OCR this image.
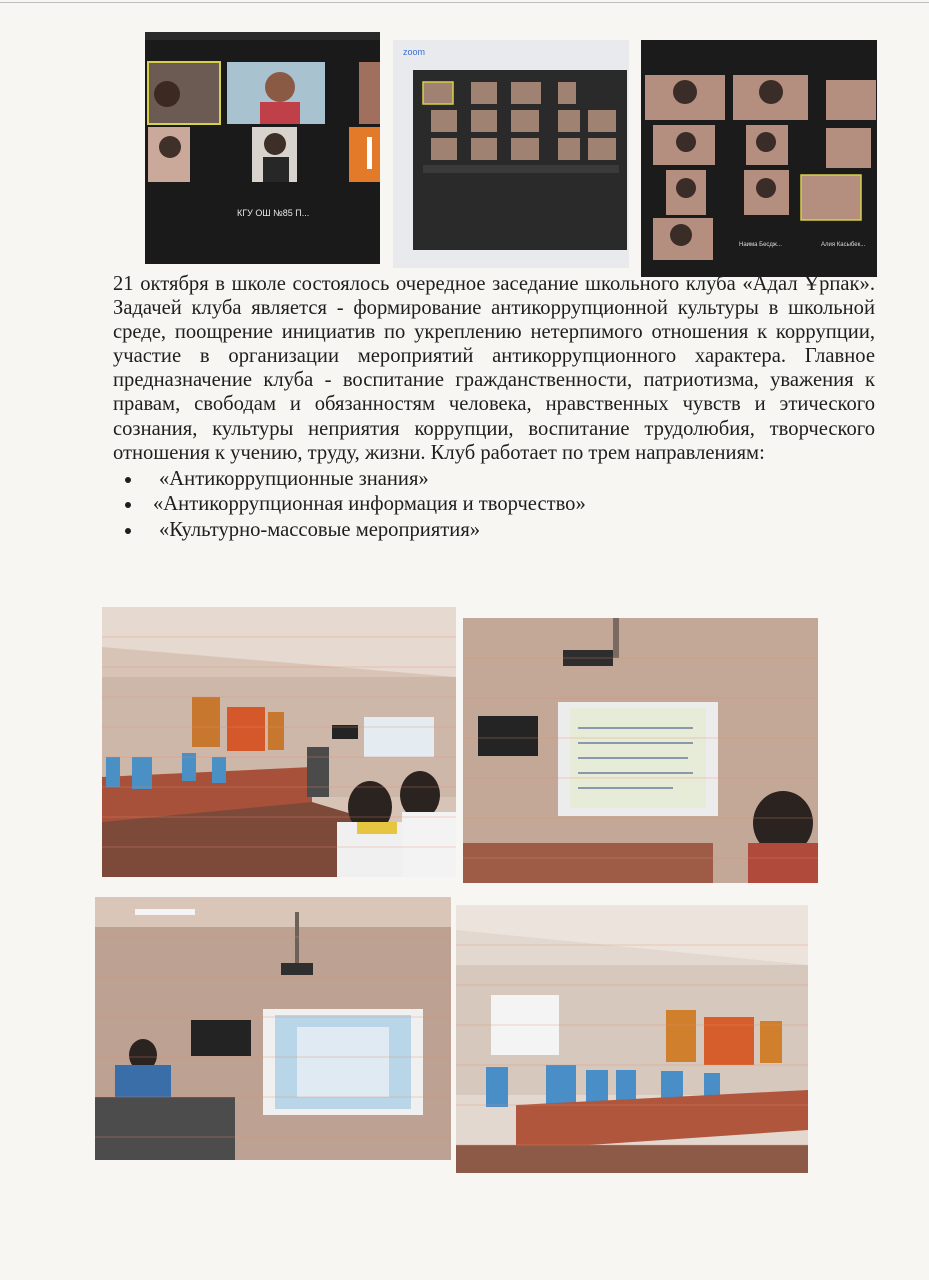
КГУ ОШ №85 П...
zoom
Наима Бесдж...	Алия Касыбек...

21 октября в школе состоялось очередное заседание школьного клуба «Адал Ұрпак». Задачей клуба является - формирование антикоррупционной культуры в школьной среде, поощрение инициатив по укреплению нетерпимого отношения к коррупции, участие в организации мероприятий антикоррупционного характера. Главное предназначение клуба - воспитание гражданственности, патриотизма, уважения к правам, свободам и обязанностям человека, нравственных чувств и этического сознания, культуры неприятия коррупции, воспитание трудолюбия, творческого отношения к учению, труду, жизни. Клуб работает по трем направлениям:

«Антикоррупционные знания»
«Антикоррупционная информация и творчество»
«Культурно-массовые мероприятия»
